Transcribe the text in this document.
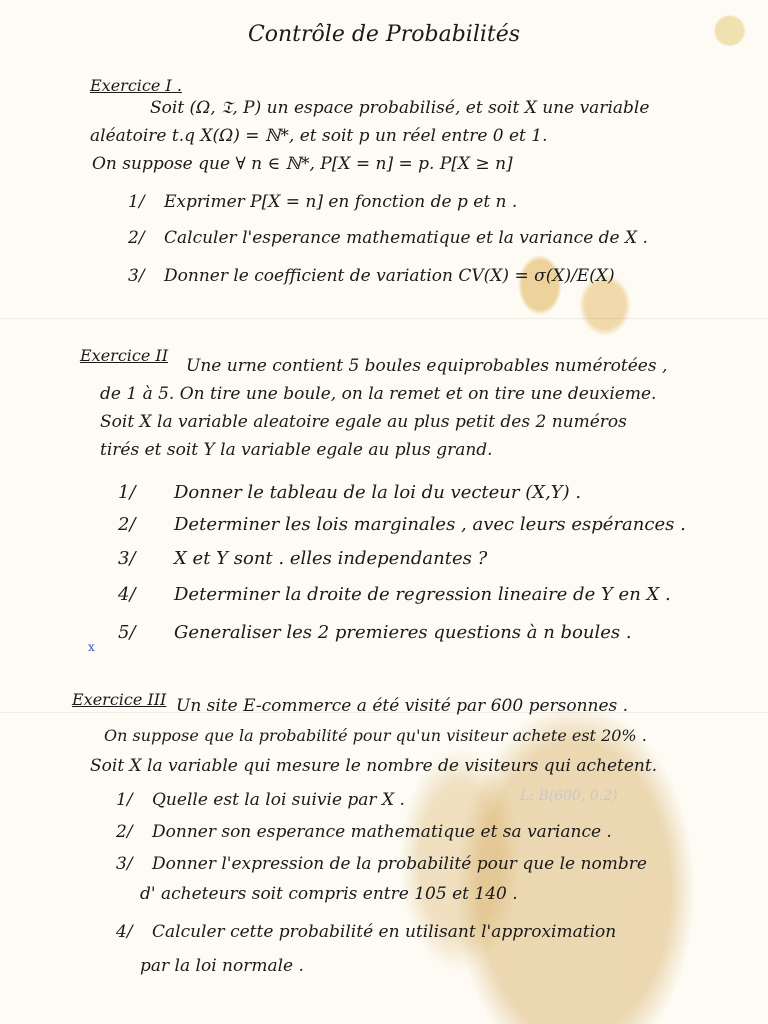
Contrôle de Probabilités
Exercice I .
Soit (Ω, 𝔗, P) un espace probabilisé, et soit X une variable
aléatoire t.q X(Ω) = ℕ*, et soit p un réel entre 0 et 1.
On suppose que ∀ n ∈ ℕ*, P[X = n] = p. P[X ≥ n]
1/ Exprimer P[X = n] en fonction de p et n .
2/ Calculer l'esperance mathematique et la variance de X .
3/ Donner le coefficient de variation CV(X) = σ(X)/E(X)
Exercice II
Une urne contient 5 boules equiprobables numérotées ,
de 1 à 5. On tire une boule, on la remet et on tire une deuxieme.
Soit X la variable aleatoire egale au plus petit des 2 numéros
tirés et soit Y la variable egale au plus grand.
1/ Donner le tableau de la loi du vecteur (X,Y) .
2/ Determiner les lois marginales , avec leurs espérances .
3/ X et Y sont . elles independantes ?
4/ Determiner la droite de regression lineaire de Y en X .
x
5/ Generaliser les 2 premieres questions à n boules .
Exercice III Un site E-commerce a été visité par 600 personnes .
On suppose que la probabilité pour qu'un visiteur achete est 20% .
Soit X la variable qui mesure le nombre de visiteurs qui achetent.
1/ Quelle est la loi suivie par X .	L: B(600, 0.2)
2/ Donner son esperance mathematique et sa variance .
3/ Donner l'expression de la probabilité pour que le nombre
d' acheteurs soit compris entre 105 et 140 .
4/ Calculer cette probabilité en utilisant l'approximation
par la loi normale .
